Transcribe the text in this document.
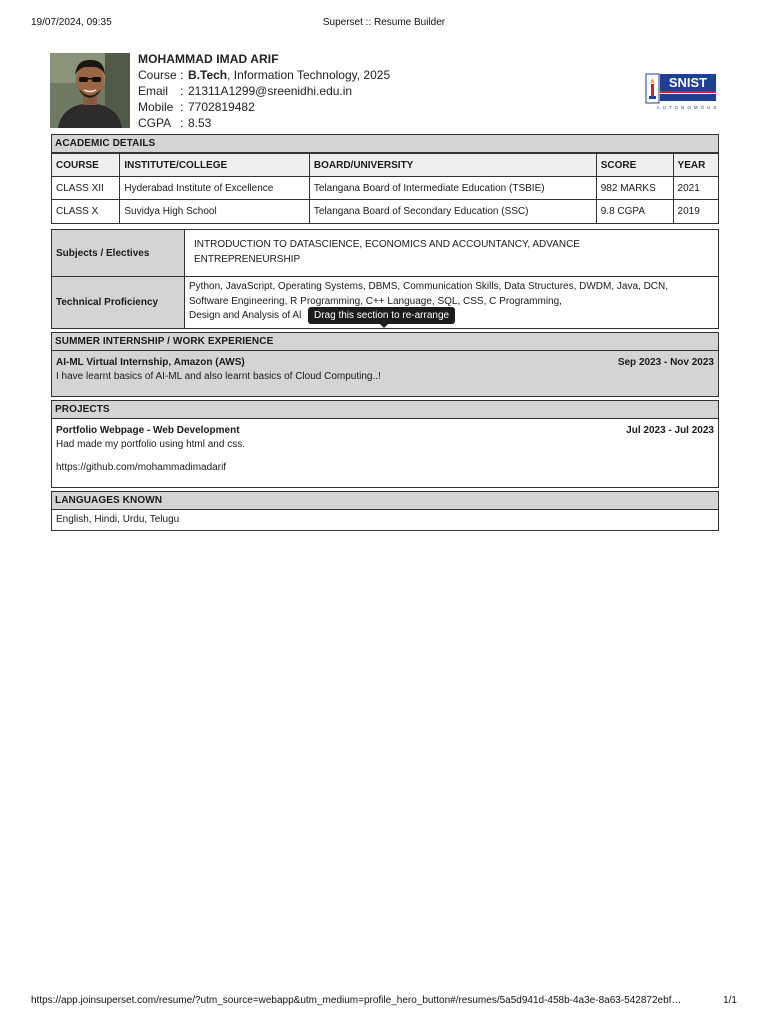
19/07/2024, 09:35	Superset :: Resume Builder
MOHAMMAD IMAD ARIF
Course : B.Tech, Information Technology, 2025
Email : 21311A1299@sreenidhi.edu.in
Mobile : 7702819482
CGPA : 8.53
SNIST
AUTONOMOUS
ACADEMIC DETAILS
COURSE	INSTITUTE/COLLEGE	BOARD/UNIVERSITY	SCORE	YEAR
CLASS XII	Hyderabad Institute of Excellence	Telangana Board of Intermediate Education (TSBIE)	982 MARKS	2021
CLASS X	Suvidya High School	Telangana Board of Secondary Education (SSC)	9.8 CGPA	2019
Subjects / Electives
INTRODUCTION TO DATASCIENCE, ECONOMICS AND ACCOUNTANCY, ADVANCE
ENTREPRENEURSHIP
Technical Proficiency
Python, JavaScript, Operating Systems, DBMS, Communication Skills, Data Structures, DWDM, Java, DCN,
Software Engineering, R Programming, C++ Language, SQL, CSS, C Programming,
Design and Analysis of Al	Drag this section to re-arrange
SUMMER INTERNSHIP / WORK EXPERIENCE
AI-ML Virtual Internship, Amazon (AWS)	Sep 2023 - Nov 2023
I have learnt basics of AI-ML and also learnt basics of Cloud Computing..!
PROJECTS
Portfolio Webpage - Web Development	Jul 2023 - Jul 2023
Had made my portfolio using html and css.
https://github.com/mohammadimadarif
LANGUAGES KNOWN
English, Hindi, Urdu, Telugu
https://app.joinsuperset.com/resume/?utm_source=webapp&utm_medium=profile_hero_button#/resumes/5a5d941d-458b-4a3e-8a63-542872ebf…	1/1
